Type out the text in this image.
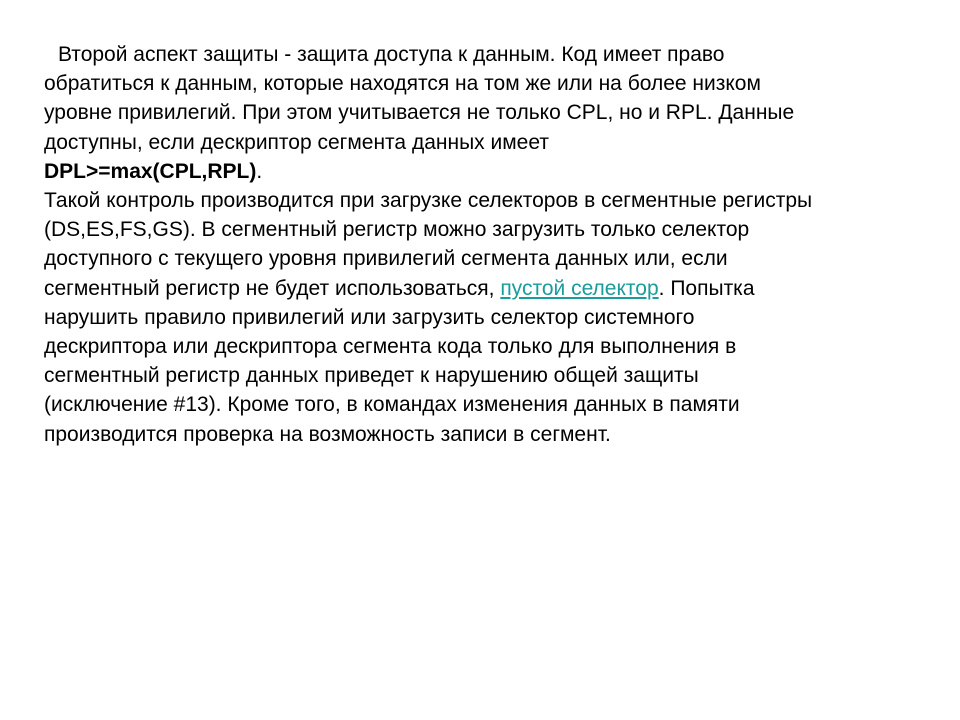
Второй аспект защиты - защита доступа к данным. Код имеет право
обратиться к данным, которые находятся на том же или на более низком
уровне привилегий. При этом учитывается не только CPL, но и RPL. Данные
доступны, если дескриптор сегмента данных имеет
DPL>=max(CPL,RPL).

Такой контроль производится при загрузке селекторов в сегментные регистры
(DS,ES,FS,GS). В сегментный регистр можно загрузить только селектор
доступного с текущего уровня привилегий сегмента данных или, если
сегментный регистр не будет использоваться, пустой селектор. Попытка
нарушить правило привилегий или загрузить селектор системного
дескриптора или дескриптора сегмента кода только для выполнения в
сегментный регистр данных приведет к нарушению общей защиты
(исключение #13). Кроме того, в командах изменения данных в памяти
производится проверка на возможность записи в сегмент.
